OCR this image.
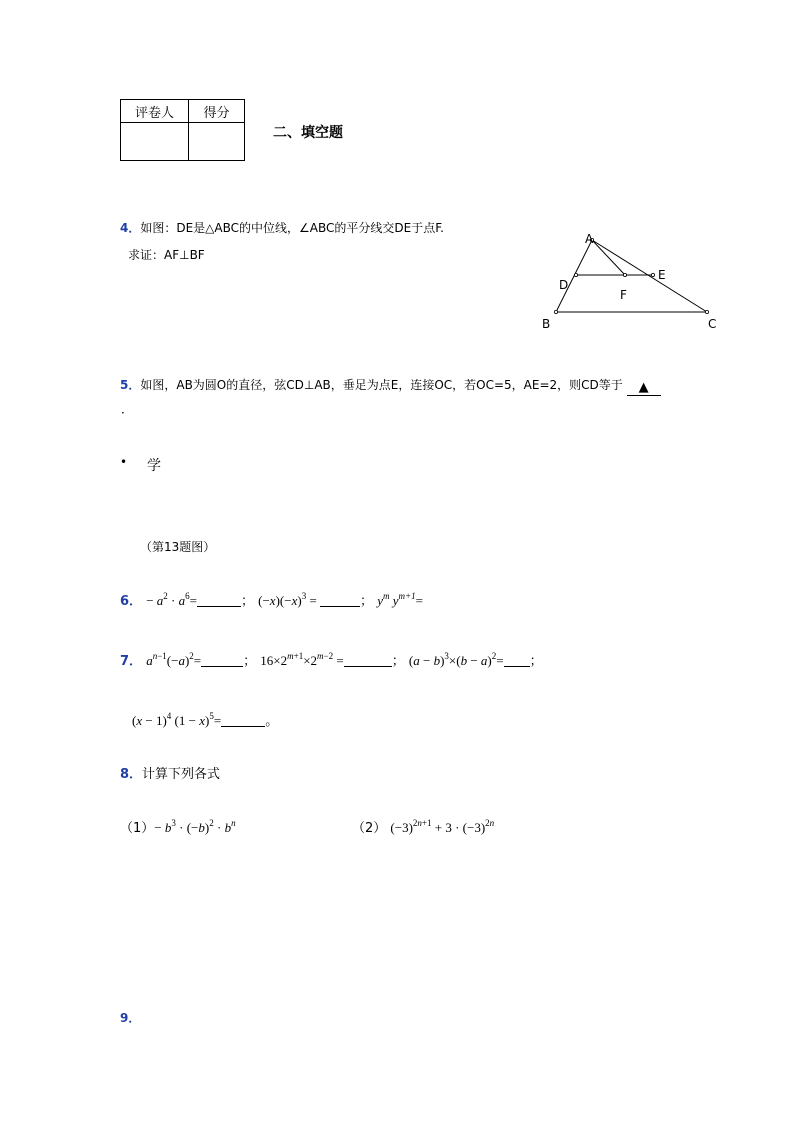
评卷人	得分

二、填空题
4．如图：DE是△ABC的中位线，∠ABC的平分线交DE于点F.
求证：AF⊥BF
A
D
E
F
B	C
5．如图，AB为圆O的直径，弦CD⊥AB，垂足为点E，连接OC，若OC=5，AE=2，则CD等于 ▲
．
• 学
（第13题图）
6． − $a^2 \cdot a^6=$	； $(-x)(-x)^3$ =	； $y^m$ $y^{m+1}=$
7． $a^{n-1}(-a)^2=$	； $16\times 2^{m+1}\times 2^{m-2}$ =	； $(a - b)^3\times(b - a)^2=$ ；
$(x - 1)^4$ $(1 - x)^5=$	。
8．计算下列各式
$(1)- b^3 \cdot (-b)^2 \cdot b^n$	（2） $(-3)^{2n+1} + 3 \cdot (-3)^{2n}$
9．
